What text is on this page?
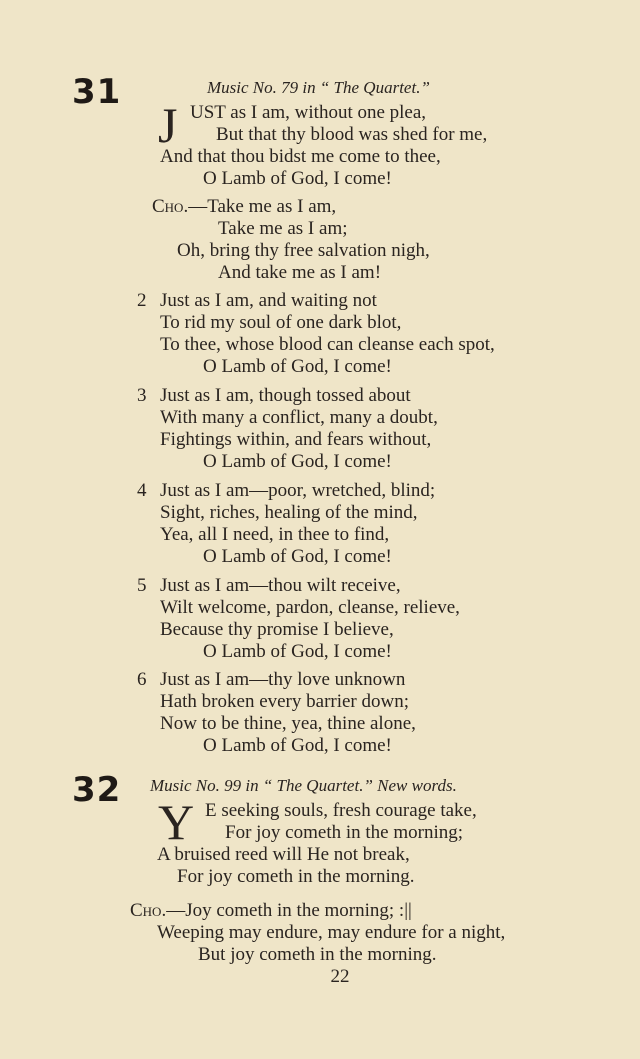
31	Music No. 79 in “ The Quartet.”
J UST as I am, without one plea,
But that thy blood was shed for me,
And that thou bidst me come to thee,
O Lamb of God, I come!
Cho.—Take me as I am,
Take me as I am;
Oh, bring thy free salvation nigh,
And take me as I am!
2 Just as I am, and waiting not
To rid my soul of one dark blot,
To thee, whose blood can cleanse each spot,
O Lamb of God, I come!
3 Just as I am, though tossed about
With many a conflict, many a doubt,
Fightings within, and fears without,
O Lamb of God, I come!
4 Just as I am—poor, wretched, blind;
Sight, riches, healing of the mind,
Yea, all I need, in thee to find,
O Lamb of God, I come!
5 Just as I am—thou wilt receive,
Wilt welcome, pardon, cleanse, relieve,
Because thy promise I believe,
O Lamb of God, I come!
6 Just as I am—thy love unknown
Hath broken every barrier down;
Now to be thine, yea, thine alone,
O Lamb of God, I come!
32 Music No. 99 in “ The Quartet.” New words.
Y E seeking souls, fresh courage take,
For joy cometh in the morning;
A bruised reed will He not break,
For joy cometh in the morning.
Cho.—Joy cometh in the morning; :||
Weeping may endure, may endure for a night,
But joy cometh in the morning.
22
